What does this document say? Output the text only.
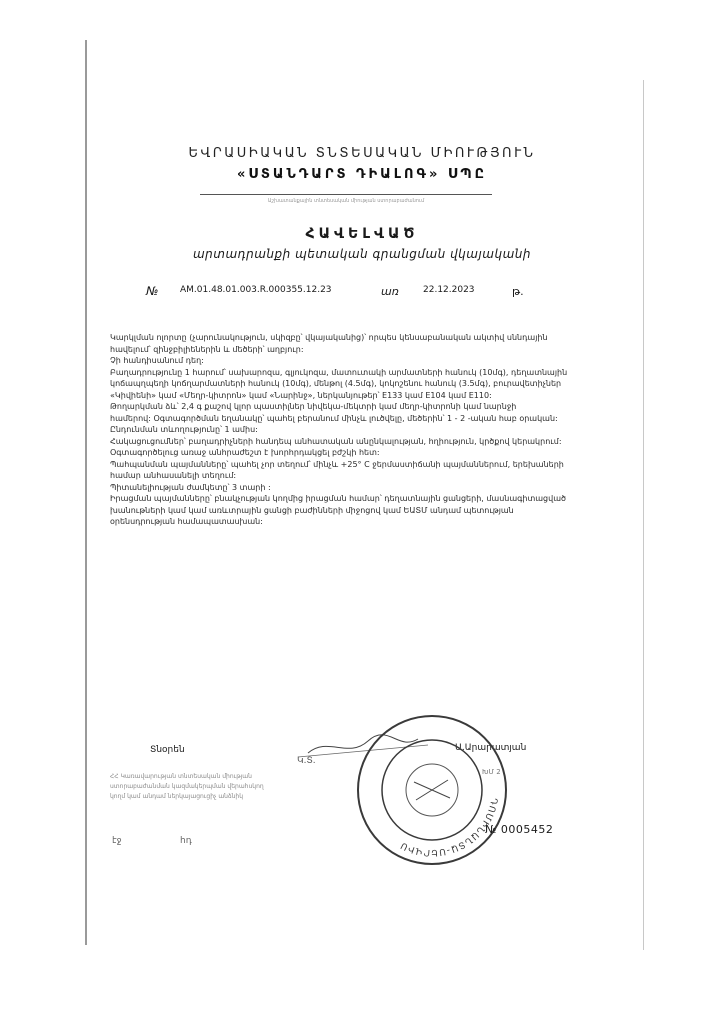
ԵՎՐԱՍԻԱԿԱՆ ՏՆՏԵՍԱԿԱՆ ՄԻՈՒԹՅՈՒՆ
«ՍՏԱՆԴԱՐՏ ԴԻԱԼՈԳ» ՍՊԸ
Աշխատանքային տնտեսական միության ստորաբաժանում
ՀԱՎԵԼՎԱԾ
արտադրանքի պետական գրանցման վկայականի
№ AM.01.48.01.003.R.000355.12.23	առ	22.12.2023	թ.

Կարկլման ոլորտը (չարունակություն, սկիզբը՝ վկայականից)՝ որպես կենսաբանական ակտիվ սննդային

հավելում՝ զինջբիլիեներին և մեծերի՝ աղբյուր:

Չի հանդիսանում դեղ:

Բաղադրությունը 1 հարում՝ սախարոզա, գլյուկոզա, մատուտակի արմատների հանուկ (10մգ), դեղատնային

կոճապղպեղի կոճղարմատների հանուկ (10մգ), մենթոլ (4.5մգ), կոկոշենու հանուկ (3.5մգ), բուրավետիչներ

«Կիվիենի» կամ «Մեղր-կիտրոն» կամ «Նարինջ», ներկանյութեր՝ E133 կամ E104 կամ E110:

Թողարկման ձև՝ 2,4 գ քաշով կլոր պաստիլներ նիվեկա-մեկտրի կամ մեղր-կիտրոնի կամ նարնջի

համերով: Օգտագործման եղանակը՝ պահել բերանում մինչև լուծվելը, մեծերին՝ 1 - 2 -ական հաբ օրական:

Ընդունման տևողությունը՝ 1 ամիս:

Հակացուցումներ՝ բաղադրիչների հանդեպ անհատական անընկալության, հղիություն, կրծքով կերակրում:

Օգտագործելուց առաջ անհրաժեշտ է խորհրդակցել բժշկի հետ:

Պահպանման պայմանները՝ պահել չոր տեղում՝ մինչև +25° C ջերմաստիճանի պայմաններում, երեխաների

համար անհասանելի տեղում:

Պիտանելիության ժամկետը՝ 3 տարի :

Իրացման պայմանները՝ բնակչության կողմից իրացման համար՝ դեղատնային ցանցերի, մասնագիտացված

խանութների կամ կամ առևտրային ցանցի բաժինների միջոցով կամ ԵԱՏՄ անդամ պետության

օրենսդրության համապատասխան:

Տնօրեն

ՀՀ Կառավարության տնտեսական միության

ստորաբաժանման կազմակերպման վերահսկող

կողմ կամ անդամ ներկայացուցիչ անձնիկ

Կ.Տ.
Ա.Արարատյան
ԽՄ 2
ԴՈՄԻՆԱՆՏԱ-ՍԵՐՎԻՍ
էջ	հդ
№ 0005452
